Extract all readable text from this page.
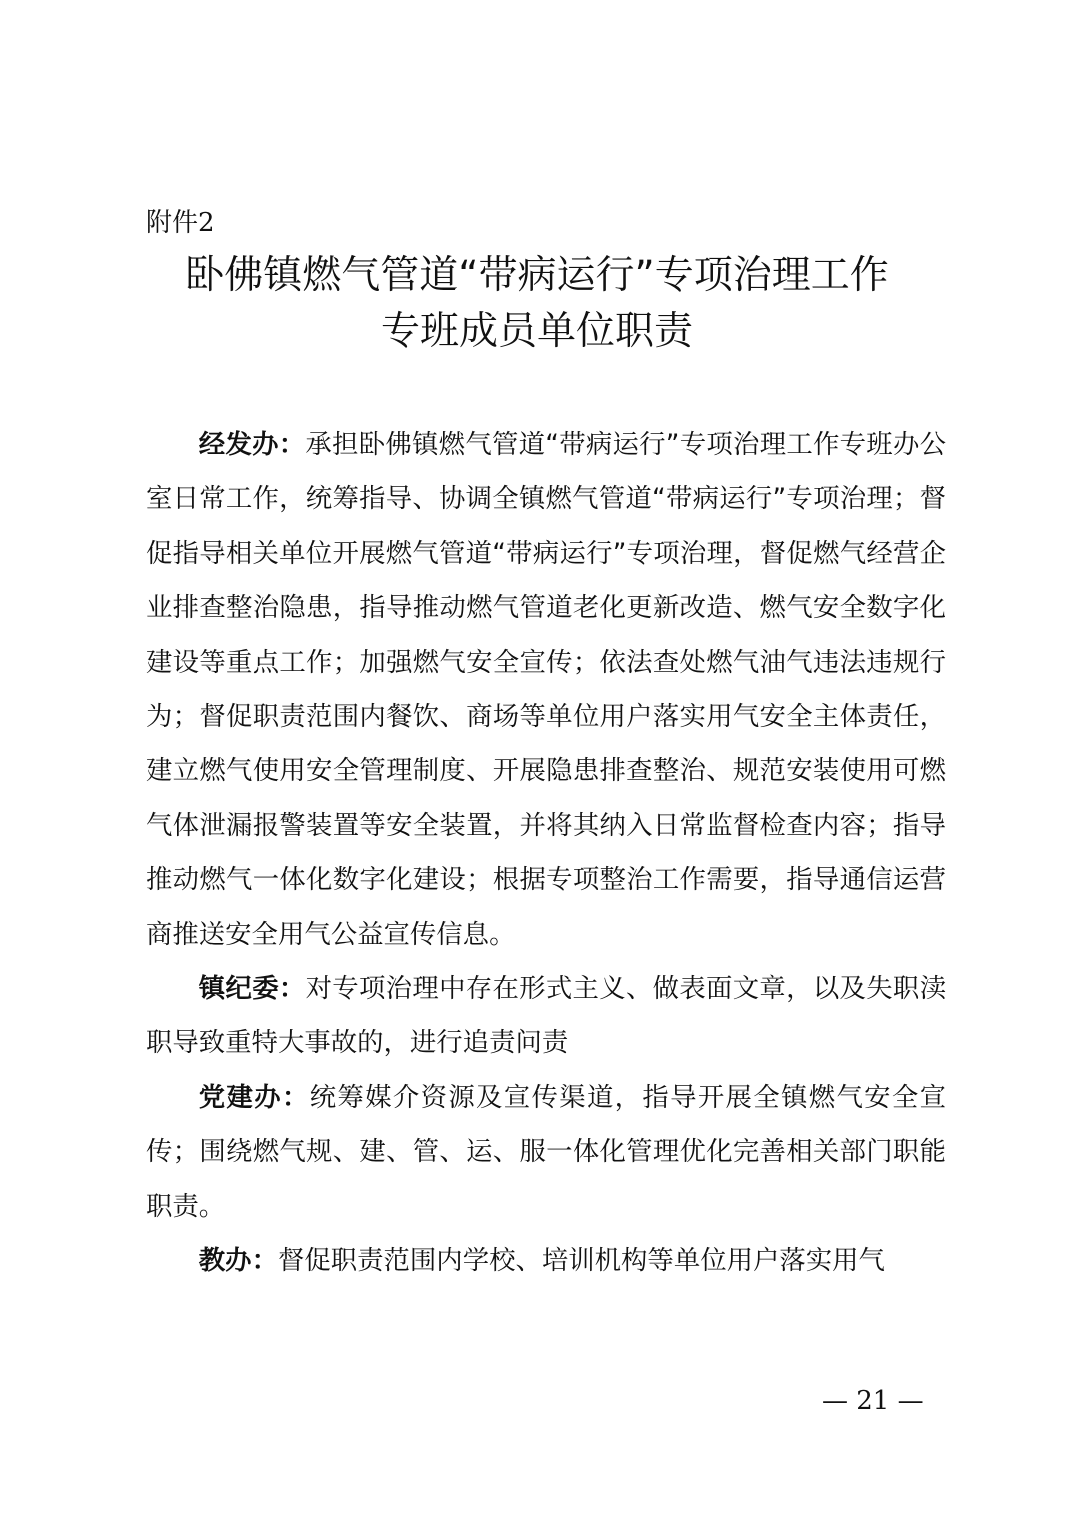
附件2
卧佛镇燃气管道“带病运行”专项治理工作
专班成员单位职责

经发办：承担卧佛镇燃气管道“带病运行”专项治理工作专班办公室日常工作，统筹指导、协调全镇燃气管道“带病运行”专项治理；督促指导相关单位开展燃气管道“带病运行”专项治理，督促燃气经营企业排查整治隐患，指导推动燃气管道老化更新改造、燃气安全数字化建设等重点工作；加强燃气安全宣传；依法查处燃气油气违法违规行为；督促职责范围内餐饮、商场等单位用户落实用气安全主体责任，建立燃气使用安全管理制度、开展隐患排查整治、规范安装使用可燃气体泄漏报警装置等安全装置，并将其纳入日常监督检查内容；指导推动燃气一体化数字化建设；根据专项整治工作需要，指导通信运营商推送安全用气公益宣传信息。

镇纪委：对专项治理中存在形式主义、做表面文章，以及失职渎职导致重特大事故的，进行追责问责

党建办：统筹媒介资源及宣传渠道，指导开展全镇燃气安全宣传；围绕燃气规、建、管、运、服一体化管理优化完善相关部门职能职责。

教办：督促职责范围内学校、培训机构等单位用户落实用气

— 21 —
